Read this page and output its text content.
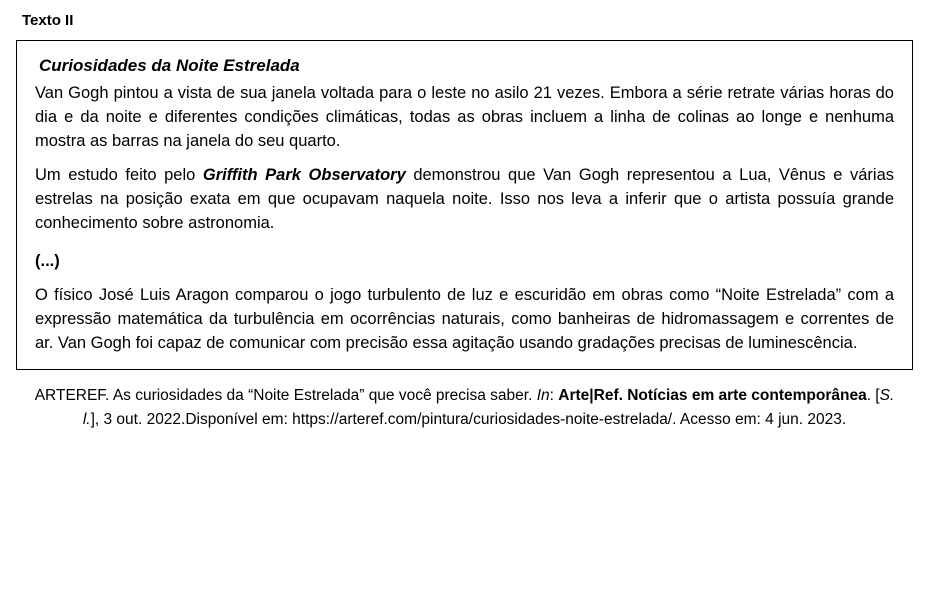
Texto II
Curiosidades da Noite Estrelada
Van Gogh pintou a vista de sua janela voltada para o leste no asilo 21 vezes. Embora a série retrate várias horas do dia e da noite e diferentes condições climáticas, todas as obras incluem a linha de colinas ao longe e nenhuma mostra as barras na janela do seu quarto.
Um estudo feito pelo Griffith Park Observatory demonstrou que Van Gogh representou a Lua, Vênus e várias estrelas na posição exata em que ocupavam naquela noite. Isso nos leva a inferir que o artista possuía grande conhecimento sobre astronomia.
(...)
O físico José Luis Aragon comparou o jogo turbulento de luz e escuridão em obras como “Noite Estrelada” com a expressão matemática da turbulência em ocorrências naturais, como banheiras de hidromassagem e correntes de ar. Van Gogh foi capaz de comunicar com precisão essa agitação usando gradações precisas de luminescência.
ARTEREF. As curiosidades da “Noite Estrelada” que você precisa saber. In: Arte|Ref. Notícias em arte contemporânea. [S. l.], 3 out. 2022.Disponível em: https://arteref.com/pintura/curiosidades-noite-estrelada/. Acesso em: 4 jun. 2023.
